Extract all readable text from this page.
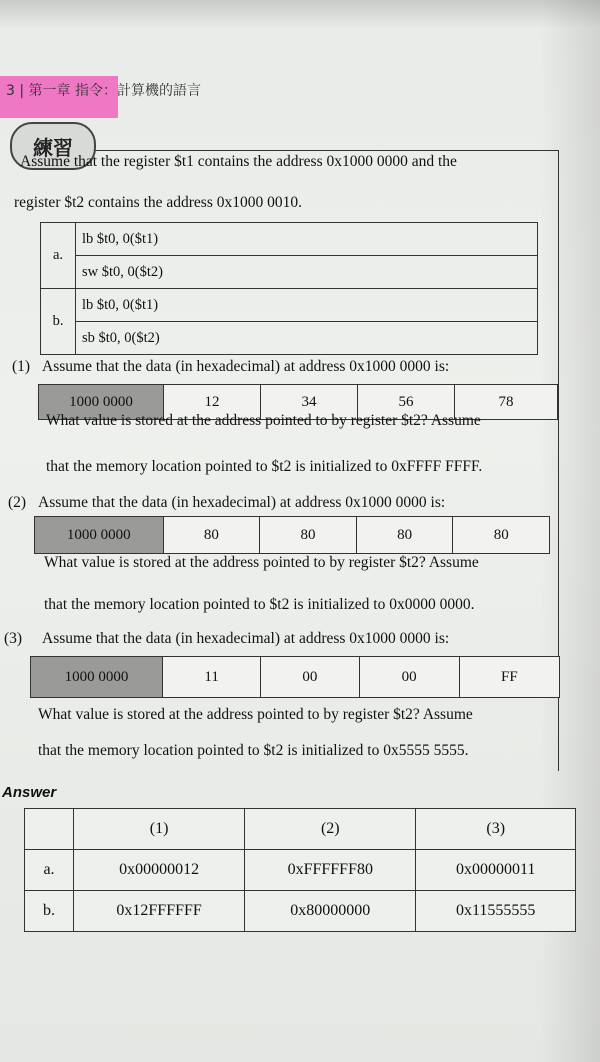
3 | 第一章 指令：計算機的語言
練習
Assume that the register $t1 contains the address 0x1000 0000 and the
register $t2 contains the address 0x1000 0010.
a.	lb $t0, 0($t1)
	sw $t0, 0($t2)
b.	lb $t0, 0($t1)
	sb $t0, 0($t2)
(1) Assume that the data (in hexadecimal) at address 0x1000 0000 is:
1000 0000	12	34	56	78
What value is stored at the address pointed to by register $t2? Assume
that the memory location pointed to $t2 is initialized to 0xFFFF FFFF.
(2) Assume that the data (in hexadecimal) at address 0x1000 0000 is:
1000 0000	80	80	80	80
What value is stored at the address pointed to by register $t2? Assume
that the memory location pointed to $t2 is initialized to 0x0000 0000.
(3) Assume that the data (in hexadecimal) at address 0x1000 0000 is:
1000 0000	11	00	00	FF
What value is stored at the address pointed to by register $t2? Assume
that the memory location pointed to $t2 is initialized to 0x5555 5555.
Answer
	(1)	(2)	(3)
a.	0x00000012	0xFFFFFF80	0x00000011
b.	0x12FFFFFF	0x80000000	0x11555555
